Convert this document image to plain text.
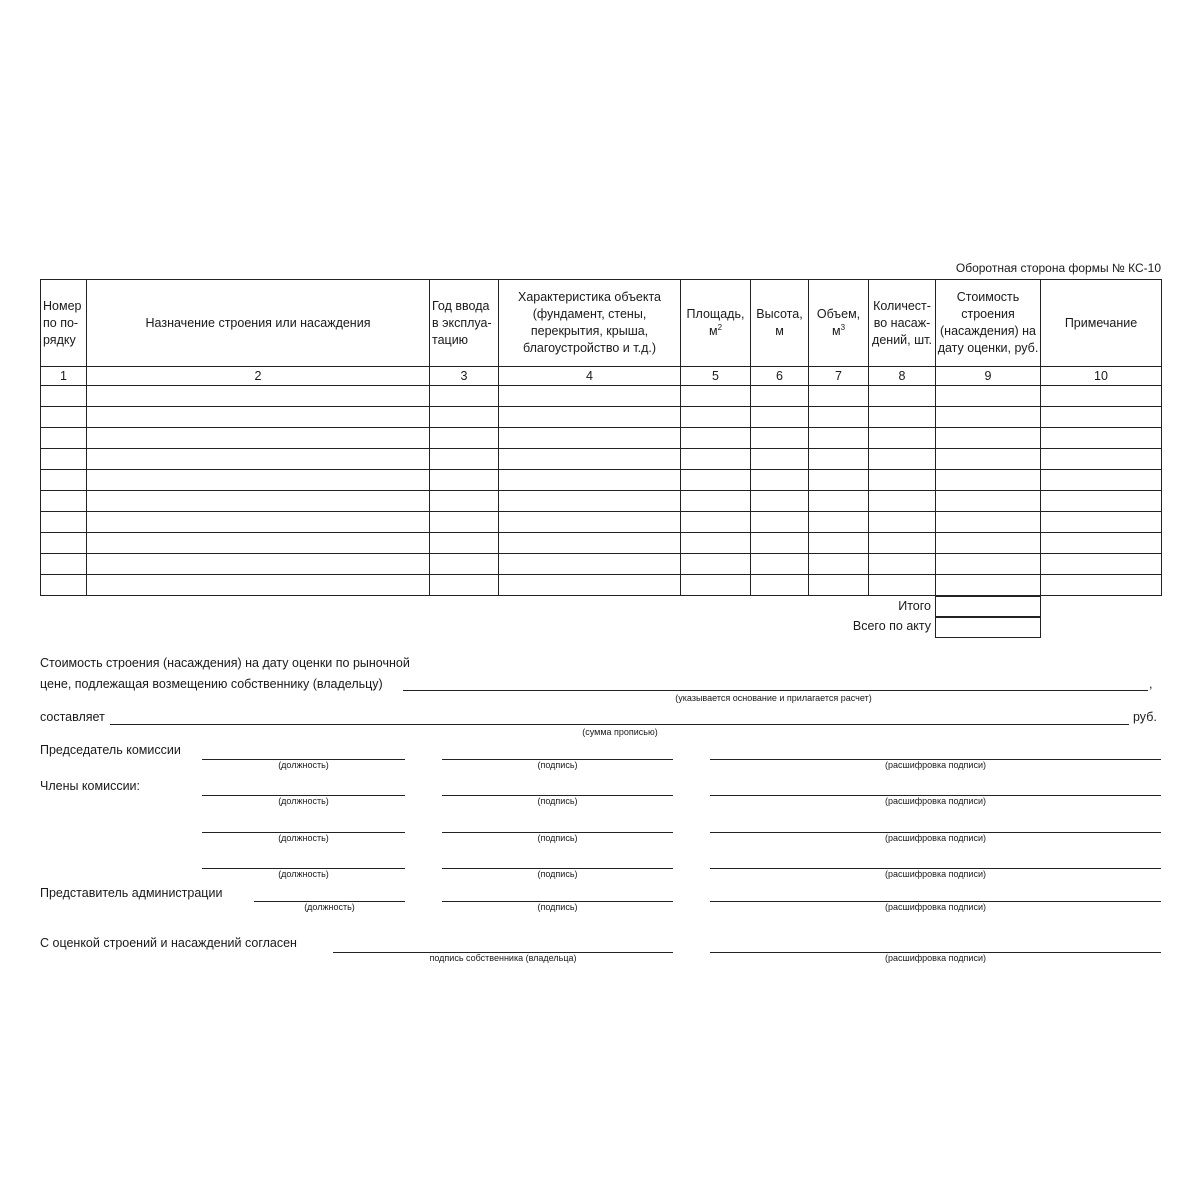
Оборотная сторона формы № КС-10
Номер по по-рядку	Назначение строения или насаждения	Год ввода в эксплуа-тацию	Характеристика объекта (фундамент, стены, перекрытия, крыша, благоустройство и т.д.)	Площадь, $м^2$	Высота, м	Объем, $м^3$	Количест-во насаж-дений, шт.	Стоимость строения (насаждения) на дату оценки, руб.	Примечание
1	2	3	4	5	6	7	8	9	10

Итого
Всего по акту
Стоимость строения (насаждения) на дату оценки по рыночной
цене, подлежащая возмещению собственнику (владельцу)	,
(указывается основание и прилагается расчет)
составляет	руб.
(сумма прописью)
Председатель комиссии
Члены комиссии:
Представитель администрации
С оценкой строений и насаждений согласен
(должность)	(подпись)	(расшифровка подписи)
(должность)	(подпись)	(расшифровка подписи)
(должность)	(подпись)	(расшифровка подписи)
(должность)	(подпись)	(расшифровка подписи)
(должность)	(подпись)	(расшифровка подписи)
подпись собственника (владельца)	(расшифровка подписи)
